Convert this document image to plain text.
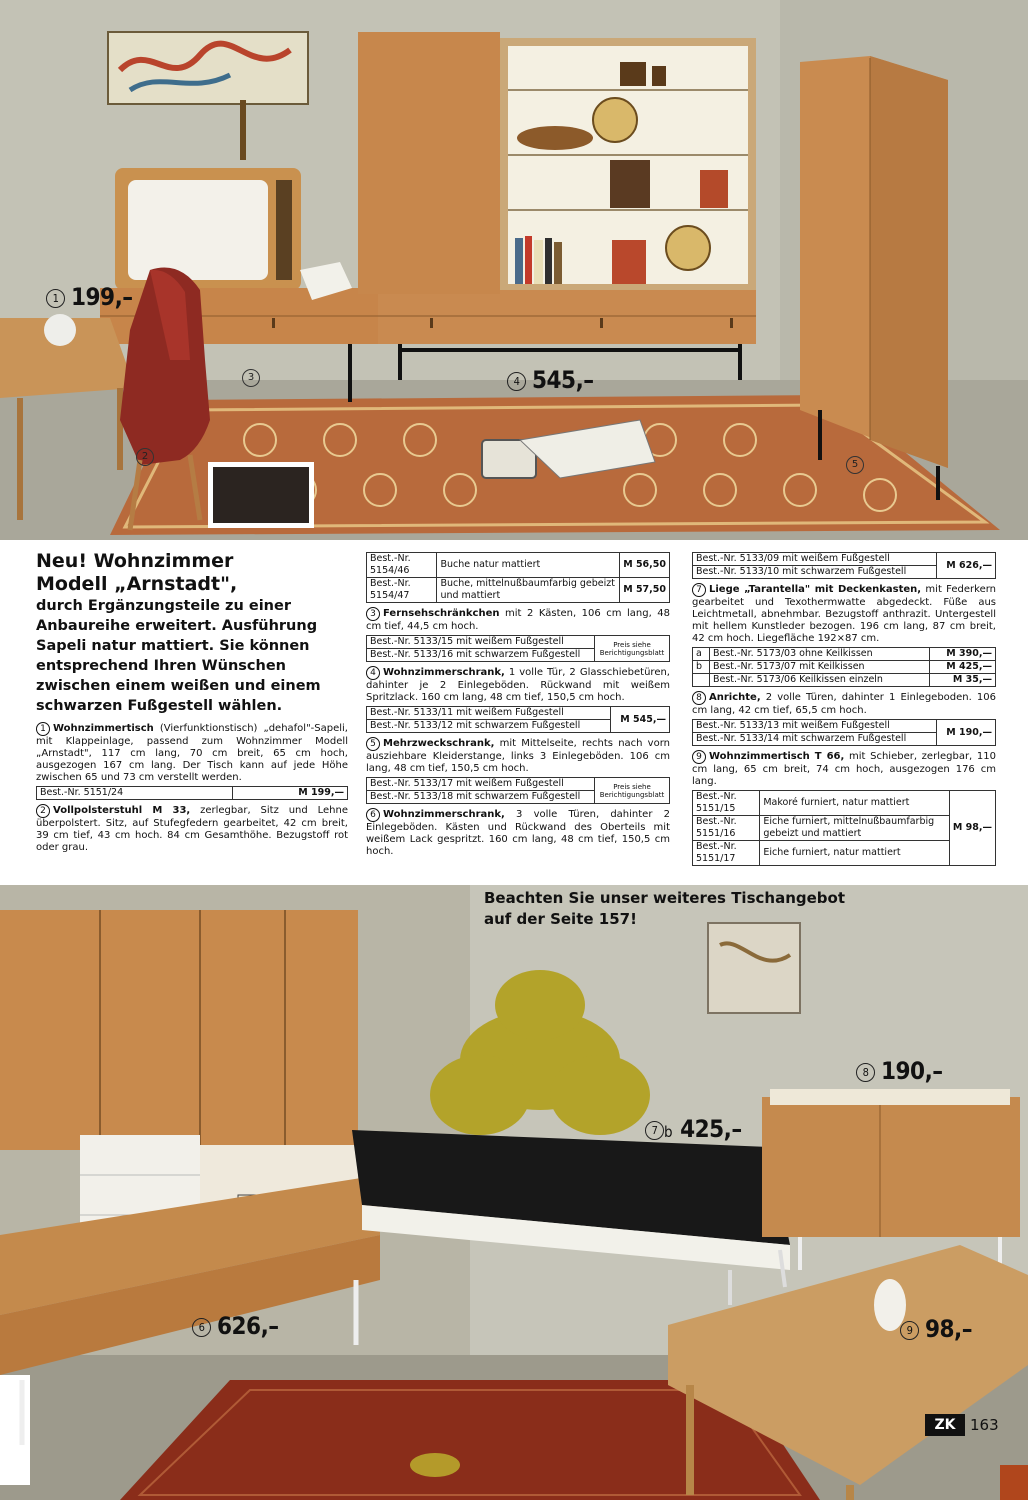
1 199,–
4 545,–
2
3
5

Neu! Wohnzimmer

Modell „Arnstadt",

durch Ergänzungsteile zu einer Anbaureihe erweitert. Ausführung Sapeli natur mattiert. Sie können entsprechend Ihren Wünschen zwischen einem weißen und einem schwarzen Fußgestell wählen.

1 Wohnzimmertisch (Vierfunktionstisch) „dehafol"-Sapeli, mit Klappeinlage, passend zum Wohnzimmer Modell „Arnstadt", 117 cm lang, 70 cm breit, 65 cm hoch, ausgezogen 167 cm lang. Der Tisch kann auf jede Höhe zwischen 65 und 73 cm verstellt werden.
Best.-Nr. 5151/24	M 199,—
2 Vollpolsterstuhl M 33, zerlegbar, Sitz und Lehne überpolstert. Sitz, auf Stufegfedern gearbeitet, 42 cm breit, 39 cm tief, 43 cm hoch. 84 cm Gesamthöhe. Bezugstoff rot oder grau.
Best.-Nr. 5154/46	Buche natur mattiert	M 56,50
Best.-Nr. 5154/47	Buche, mittelnußbaumfarbig gebeizt und mattiert	M 57,50
3 Fernsehschränkchen mit 2 Kästen, 106 cm lang, 48 cm tief, 44,5 cm hoch.
Best.-Nr. 5133/15 mit weißem Fußgestell	Preis siehe Berichtigungsblatt
Best.-Nr. 5133/16 mit schwarzem Fußgestell
4 Wohnzimmerschrank, 1 volle Tür, 2 Glasschiebetüren, dahinter je 2 Einlegeböden. Rückwand mit weißem Spritzlack. 160 cm lang, 48 cm tief, 150,5 cm hoch.
Best.-Nr. 5133/11 mit weißem Fußgestell	M 545,—
Best.-Nr. 5133/12 mit schwarzem Fußgestell
5 Mehrzweckschrank, mit Mittelseite, rechts nach vorn ausziehbare Kleiderstange, links 3 Einlegeböden. 106 cm lang, 48 cm tief, 150,5 cm hoch.
Best.-Nr. 5133/17 mit weißem Fußgestell	Preis siehe Berichtigungsblatt
Best.-Nr. 5133/18 mit schwarzem Fußgestell
6 Wohnzimmerschrank, 3 volle Türen, dahinter 2 Einlegeböden. Kästen und Rückwand des Oberteils mit weißem Lack gespritzt. 160 cm lang, 48 cm tief, 150,5 cm hoch.
Best.-Nr. 5133/09 mit weißem Fußgestell	M 626,—
Best.-Nr. 5133/10 mit schwarzem Fußgestell
7 Liege „Tarantella" mit Deckenkasten, mit Federkern gearbeitet und Texothermwatte abgedeckt. Füße aus Leichtmetall, abnehmbar. Bezugstoff anthrazit. Untergestell mit hellem Kunstleder bezogen. 196 cm lang, 87 cm breit, 42 cm hoch. Liegefläche 192×87 cm.
a	Best.-Nr. 5173/03 ohne Keilkissen	M 390,—
b	Best.-Nr. 5173/07 mit Keilkissen	M 425,—
	Best.-Nr. 5173/06 Keilkissen einzeln	M 35,—
8 Anrichte, 2 volle Türen, dahinter 1 Einlegeboden. 106 cm lang, 42 cm tief, 65,5 cm hoch.
Best.-Nr. 5133/13 mit weißem Fußgestell	M 190,—
Best.-Nr. 5133/14 mit schwarzem Fußgestell
9 Wohnzimmertisch T 66, mit Schieber, zerlegbar, 110 cm lang, 65 cm breit, 74 cm hoch, ausgezogen 176 cm lang.
Best.-Nr. 5151/15	Makoré furniert, natur mattiert	M 98,—
Best.-Nr. 5151/16	Eiche furniert, mittelnußbaumfarbig gebeizt und mattiert	
Best.-Nr. 5151/17	Eiche furniert, natur mattiert	
8 190,–
7 b 425,–
6 626,–	9 98,–
Beachten Sie unser weiteres Tischangebot
auf der Seite 157!
ZK 163
